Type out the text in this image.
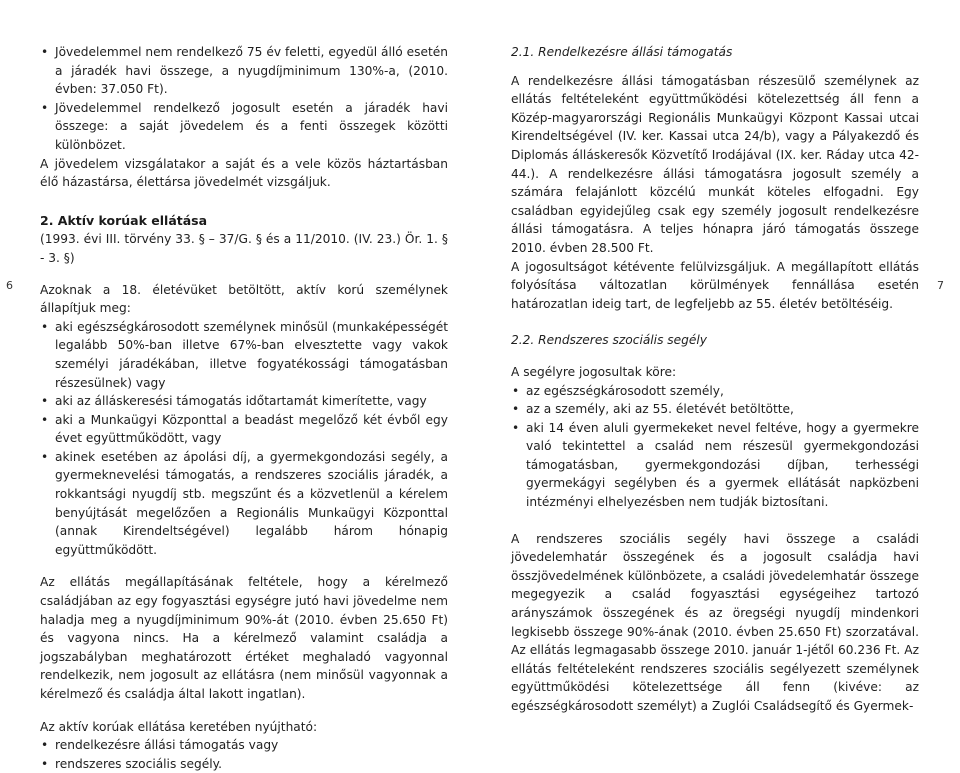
6	7
• Jövedelemmel nem rendelkező 75 év feletti, egyedül álló esetén a járadék havi összege, a nyugdíjminimum 130%-a, (2010. évben: 37.050 Ft).
• Jövedelemmel rendelkező jogosult esetén a járadék havi összege: a saját jövedelem és a fenti összegek közötti különbözet.
A jövedelem vizsgálatakor a saját és a vele közös háztartásban élő házastársa, élettársa jövedelmét vizsgáljuk.
2. Aktív korúak ellátása
(1993. évi III. törvény 33. § – 37/G. § és a 11/2010. (IV. 23.) Ör. 1. § - 3. §)
Azoknak a 18. életévüket betöltött, aktív korú személynek állapítjuk meg:
• aki egészségkárosodott személynek minősül (munkaképességét legalább 50%-ban illetve 67%-ban elvesztette vagy vakok személyi járadékában, illetve fogyatékossági támogatásban részesülnek) vagy
• aki az álláskeresési támogatás időtartamát kimerítette, vagy
• aki a Munkaügyi Központtal a beadást megelőző két évből egy évet együttműködött, vagy
• akinek esetében az ápolási díj, a gyermekgondozási segély, a gyermeknevelési támogatás, a rendszeres szociális járadék, a rokkantsági nyugdíj stb. megszűnt és a közvetlenül a kérelem benyújtását megelőzően a Regionális Munkaügyi Központtal (annak Kirendeltségével) legalább három hónapig együttműködött.
Az ellátás megállapításának feltétele, hogy a kérelmező családjában az egy fogyasztási egységre jutó havi jövedelme nem haladja meg a nyugdíjminimum 90%-át (2010. évben 25.650 Ft) és vagyona nincs. Ha a kérelmező valamint családja a jogszabályban meghatározott értéket meghaladó vagyonnal rendelkezik, nem jogosult az ellátásra (nem minősül vagyonnak a kérelmező és családja által lakott ingatlan).
Az aktív korúak ellátása keretében nyújtható:
• rendelkezésre állási támogatás vagy
• rendszeres szociális segély.
2.1. Rendelkezésre állási támogatás
A rendelkezésre állási támogatásban részesülő személynek az ellátás feltételeként együttműködési kötelezettség áll fenn a Közép-magyarországi Regionális Munkaügyi Központ Kassai utcai Kirendeltségével (IV. ker. Kassai utca 24/b), vagy a Pályakezdő és Diplomás álláskeresők Közvetítő Irodájával (IX. ker. Ráday utca 42-44.). A rendelkezésre állási támogatásra jogosult személy a számára felajánlott közcélú munkát köteles elfogadni. Egy családban egyidejűleg csak egy személy jogosult rendelkezésre állási támogatásra. A teljes hónapra járó támogatás összege 2010. évben 28.500 Ft.
A jogosultságot kétévente felülvizsgáljuk. A megállapított ellátás folyósítása változatlan körülmények fennállása esetén határozatlan ideig tart, de legfeljebb az 55. életév betöltéséig.
2.2. Rendszeres szociális segély
A segélyre jogosultak köre:
• az egészségkárosodott személy,
• az a személy, aki az 55. életévét betöltötte,
• aki 14 éven aluli gyermekeket nevel feltéve, hogy a gyermekre való tekintettel a család nem részesül gyermekgondozási támogatásban, gyermekgondozási díjban, terhességi gyermekágyi segélyben és a gyermek ellátását napközbeni intézményi elhelyezésben nem tudják biztosítani.
A rendszeres szociális segély havi összege a családi jövedelemhatár összegének és a jogosult családja havi összjövedelmének különbözete, a családi jövedelemhatár összege megegyezik a család fogyasztási egységeihez tartozó arányszámok összegének és az öregségi nyugdíj mindenkori legkisebb összege 90%-ának (2010. évben 25.650 Ft) szorzatával. Az ellátás legmagasabb összege 2010. január 1-jétől 60.236 Ft. Az ellátás feltételeként rendszeres szociális segélyezett személynek együttműködési kötelezettsége áll fenn (kivéve: az egészségkárosodott személyt) a Zuglói Családsegítő és Gyermek-
